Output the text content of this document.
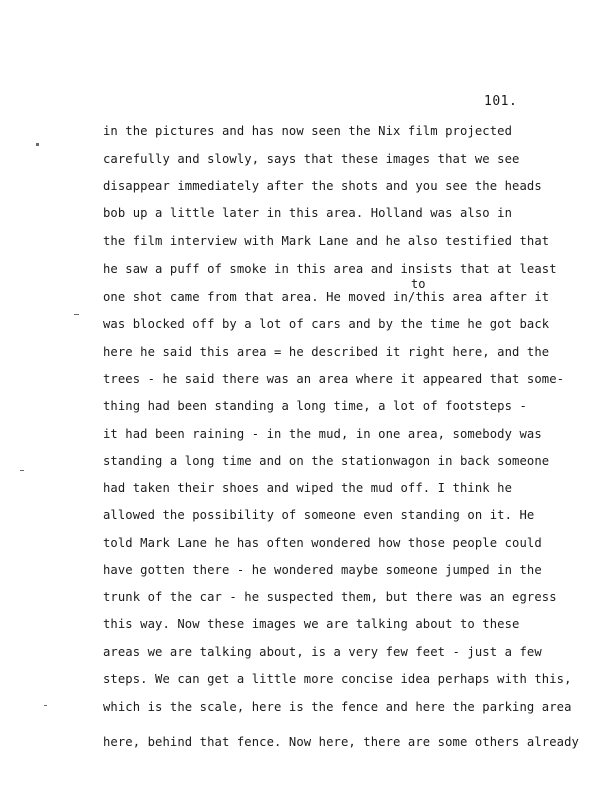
101.
to
in the pictures and has now seen the Nix film projected
carefully and slowly, says that these images that we see
disappear immediately after the shots and you see the heads
bob up a little later in this area. Holland was also in
the film interview with Mark Lane and he also testified that
he saw a puff of smoke in this area and insists that at least
one shot came from that area. He moved in/this area after it
was blocked off by a lot of cars and by the time he got back
here he said this area = he described it right here, and the
trees - he said there was an area where it appeared that some-
thing had been standing a long time, a lot of footsteps -
it had been raining - in the mud, in one area, somebody was
standing a long time and on the stationwagon in back someone
had taken their shoes and wiped the mud off. I think he
allowed the possibility of someone even standing on it. He
told Mark Lane he has often wondered how those people could
have gotten there - he wondered maybe someone jumped in the
trunk of the car - he suspected them, but there was an egress
this way. Now these images we are talking about to these
areas we are talking about, is a very few feet - just a few
steps. We can get a little more concise idea perhaps with this,
which is the scale, here is the fence and here the parking area
here, behind that fence. Now here, there are some others already
